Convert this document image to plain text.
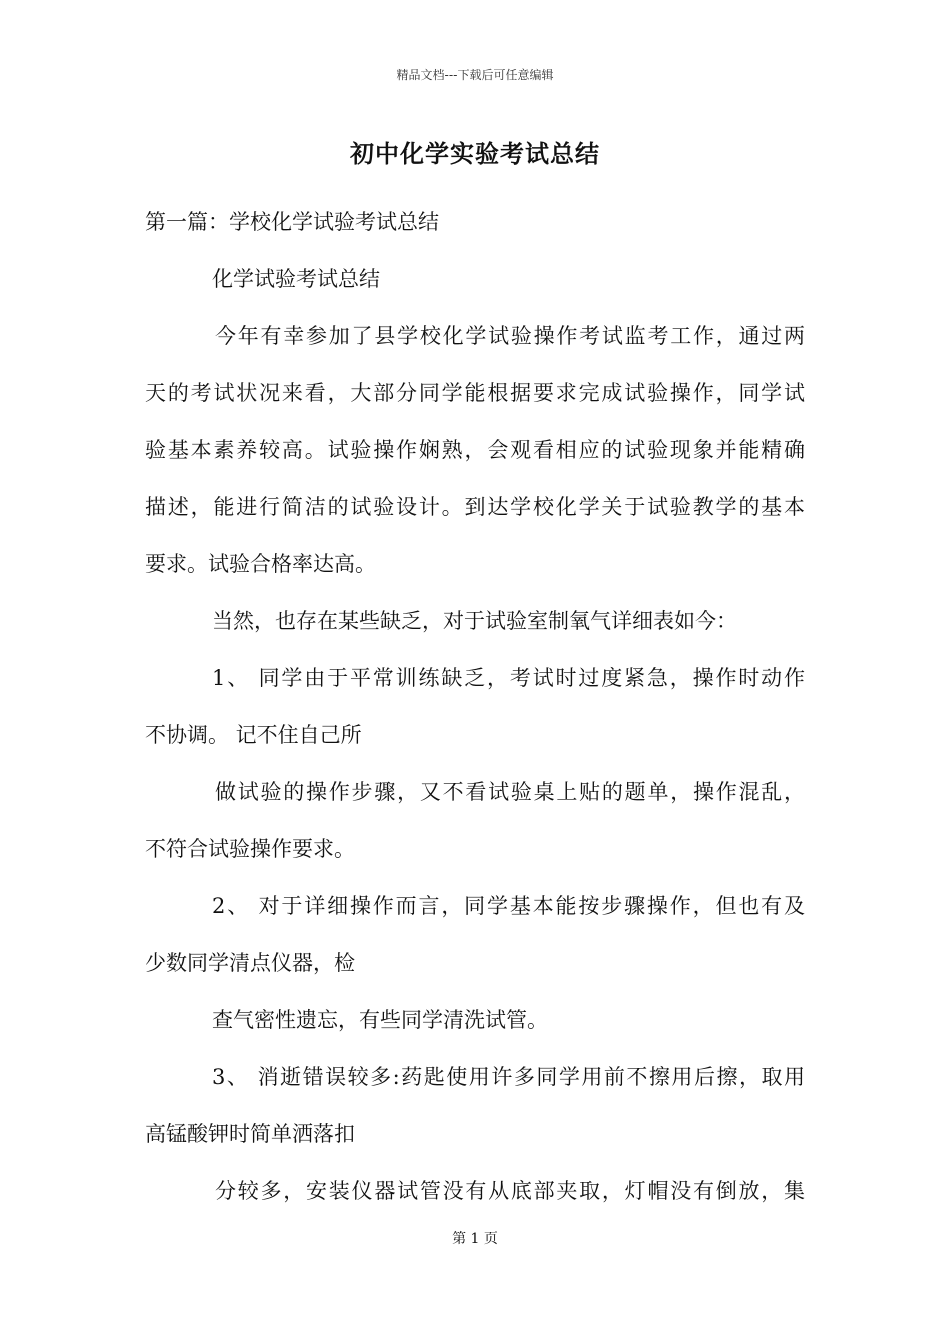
精品文档---下载后可任意编辑
初中化学实验考试总结
第一篇：学校化学试验考试总结
化学试验考试总结
今年有幸参加了县学校化学试验操作考试监考工作，通过两
天的考试状况来看，大部分同学能根据要求完成试验操作，同学试
验基本素养较高。试验操作娴熟，会观看相应的试验现象并能精确
描述，能进行简洁的试验设计。到达学校化学关于试验教学的基本
要求。试验合格率达高。
当然，也存在某些缺乏，对于试验室制氧气详细表如今：
1、 同学由于平常训练缺乏，考试时过度紧急，操作时动作
不协调。 记不住自己所
做试验的操作步骤，又不看试验桌上贴的题单，操作混乱，
不符合试验操作要求。
2、 对于详细操作而言，同学基本能按步骤操作，但也有及
少数同学清点仪器，检
查气密性遗忘，有些同学清洗试管。
3、 消逝错误较多:药匙使用许多同学用前不擦用后擦，取用
高锰酸钾时简单洒落扣
分较多，安装仪器试管没有从底部夹取，灯帽没有倒放，集
第 1 页
